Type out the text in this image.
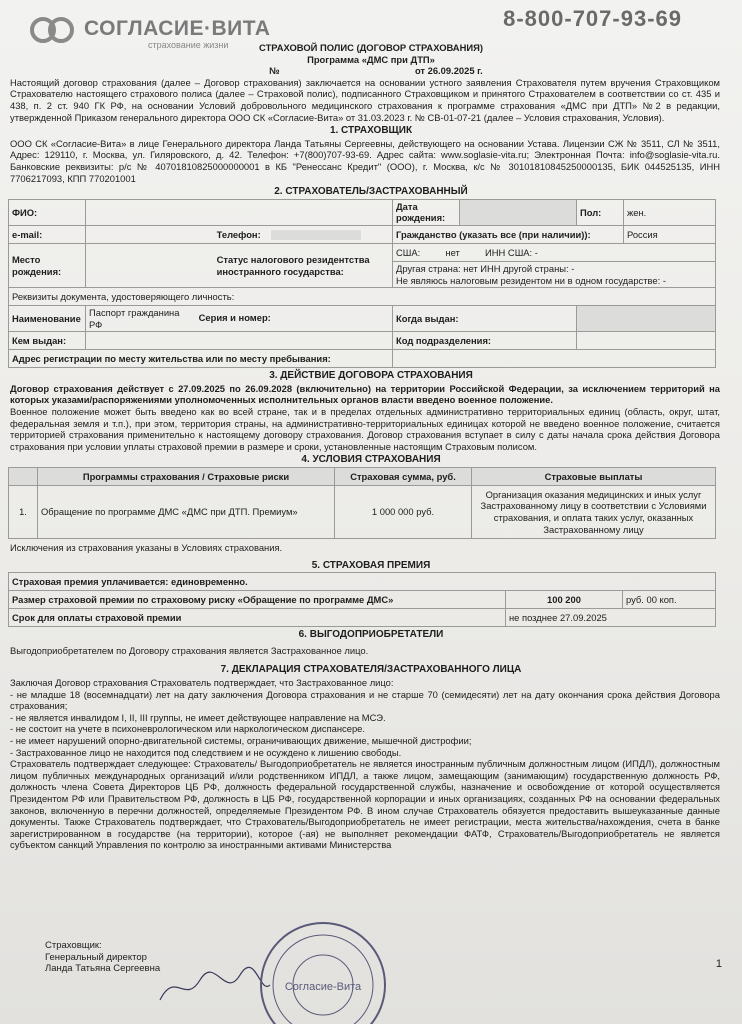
СОГЛАСИЕ·ВИТА
страхование жизни
8-800-707-93-69
СТРАХОВОЙ ПОЛИС (ДОГОВОР СТРАХОВАНИЯ)
Программа «ДМС при ДТП»
№	от 26.09.2025 г.
Настоящий договор страхования (далее – Договор страхования) заключается на основании устного заявления Страхователя путем вручения Страховщиком Страхователю настоящего страхового полиса (далее – Страховой полис), подписанного Страховщиком и принятого Страхователем в соответствии со ст. 435 и 438, п. 2 ст. 940 ГК РФ, на основании Условий добровольного медицинского страхования к программе страхования «ДМС при ДТП» №2 в редакции, утвержденной Приказом генерального директора ООО СК «Согласие-Вита» от 31.03.2023 г. № СВ-01-07-21 (далее – Условия страхования, Условия).
1. СТРАХОВЩИК
ООО СК «Согласие-Вита» в лице Генерального директора Ланда Татьяны Сергеевны, действующего на основании Устава. Лицензии СЖ № 3511, СЛ № 3511, Адрес: 129110, г. Москва, ул. Гиляровского, д. 42. Телефон: +7(800)707-93-69. Адрес сайта: www.soglasie-vita.ru; Электронная Почта: info@soglasie-vita.ru. Банковские реквизиты: р/с № 40701810825000000001 в КБ "Ренессанс Кредит" (ООО), г. Москва, к/с № 30101810845250000135, БИК 044525135, ИНН 7706217093, КПП 770201001
2. СТРАХОВАТЕЛЬ/ЗАСТРАХОВАННЫЙ
ФИО:		Дата рождения:		Пол:	жен.
e-mail:	Телефон:	Гражданство (указать все (при наличии)):			Россия
Место рождения:	Статус налогового резидентства иностранного государства:	США: нет ИНН США: -			
		Другая страна: нет ИНН другой страны: -
Не являюсь налоговым резидентом ни в одном государстве: -			
Реквизиты документа, удостоверяющего личность:					
Наименование	Паспорт гражданина РФ Серия и номер:	Когда выдан:			
Кем выдан:		Код подразделения:			
Адрес регистрации по месту жительства или по месту пребывания:					
3. ДЕЙСТВИЕ ДОГОВОРА СТРАХОВАНИЯ
Договор страхования действует с 27.09.2025 по 26.09.2028 (включительно) на территории Российской Федерации, за исключением территорий на которых указами/распоряжениями уполномоченных исполнительных органов власти введено военное положение.
Военное положение может быть введено как во всей стране, так и в пределах отдельных административно территориальных единиц (область, округ, штат, федеральная земля и т.п.), при этом, территория страны, на административно-территориальных единицах которой не введено военное положение, считается территорией страхования применительно к настоящему договору страхования. Договор страхования вступает в силу с даты начала срока действия Договора страхования при условии уплаты страховой премии в размере и сроки, установленные настоящим Страховым полисом.
4. УСЛОВИЯ СТРАХОВАНИЯ
	Программы страхования / Страховые риски	Страховая сумма, руб.	Страховые выплаты
1.	Обращение по программе ДМС «ДМС при ДТП. Премиум»	1 000 000 руб.	Организация оказания медицинских и иных услуг Застрахованному лицу в соответствии с Условиями страхования, и оплата таких услуг, оказанных Застрахованному лицу
Исключения из страхования указаны в Условиях страхования.
5. СТРАХОВАЯ ПРЕМИЯ
Страховая премия уплачивается: единовременно.		
Размер страховой премии по страховому риску «Обращение по программе ДМС»	100 200	руб. 00 коп.
Срок для оплаты страховой премии	не позднее 27.09.2025	
6. ВЫГОДОПРИОБРЕТАТЕЛИ
Выгодоприобретателем по Договору страхования является Застрахованное лицо.
7. ДЕКЛАРАЦИЯ СТРАХОВАТЕЛЯ/ЗАСТРАХОВАННОГО ЛИЦА
Заключая Договор страхования Страхователь подтверждает, что Застрахованное лицо:
- не младше 18 (восемнадцати) лет на дату заключения Договора страхования и не старше 70 (семидесяти) лет на дату окончания срока действия Договора страхования;
- не является инвалидом I, II, III группы, не имеет действующее направление на МСЭ.
- не состоит на учете в психоневрологическом или наркологическом диспансере.
- не имеет нарушений опорно-двигательной системы, ограничивающих движение, мышечной дистрофии;
- Застрахованное лицо не находится под следствием и не осуждено к лишению свободы.
Страхователь подтверждает следующее: Страхователь/ Выгодоприобретатель не является иностранным публичным должностным лицом (ИПДЛ), должностным лицом публичных международных организаций и/или родственником ИПДЛ, а также лицом, замещающим (занимающим) государственную должность РФ, должность члена Совета Директоров ЦБ РФ, должность федеральной государственной службы, назначение и освобождение от которой осуществляется Президентом РФ или Правительством РФ, должность в ЦБ РФ, государственной корпорации и иных организациях, созданных РФ на основании федеральных законов, включенную в перечни должностей, определяемые Президентом РФ. В ином случае Страхователь обязуется предоставить вышеуказанные данные документы. Также Страхователь подтверждает, что Страхователь/Выгодоприобретатель не имеет регистрации, места жительства/нахождения, счета в банке зарегистрированном в государстве (на территории), которое (-ая) не выполняет рекомендации ФАТФ, Страхователь/Выгодоприобретатель не является субъектом санкций Управления по контролю за иностранными активами Министерства
Страховщик:
Генеральный директор
Ланда Татьяна Сергеевна
Согласие-Вита
1
